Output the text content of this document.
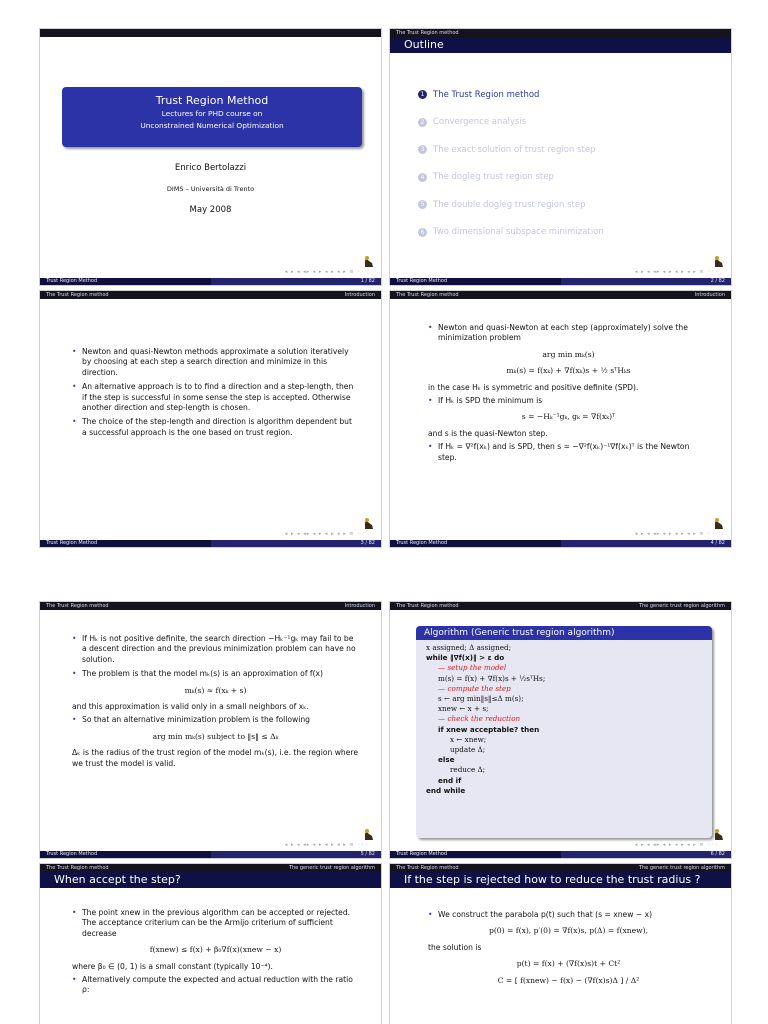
Trust Region Method
Lectures for PHD course on
Unconstrained Numerical Optimization
Enrico Bertolazzi
DIMS – Università di Trento
May 2008
◂ ▸ ◂ ◂▸ ◂ ▸ ◂ ▸ ◂ ▸ ≡ ◦◦◦
Trust Region Method	1 / 82
The Trust Region method
Outline
1	The Trust Region method
2	Convergence analysis
3	The exact solution of trust region step
4	The dogleg trust region step
5	The double dogleg trust region step
6	Two dimensional subspace minimization
◂ ▸ ◂ ◂▸ ◂ ▸ ◂ ▸ ◂ ▸ ≡ ◦◦◦
Trust Region Method	2 / 82
The Trust Region method	Introduction
• Newton and quasi-Newton methods approximate a solution iteratively by choosing at each step a search direction and minimize in this direction.
• An alternative approach is to to find a direction and a step-length, then if the step is successful in some sense the step is accepted. Otherwise another direction and step-length is chosen.
• The choice of the step-length and direction is algorithm dependent but a successful approach is the one based on trust region.
◂ ▸ ◂ ◂▸ ◂ ▸ ◂ ▸ ◂ ▸ ≡ ◦◦◦
Trust Region Method	3 / 82
The Trust Region method	Introduction
• Newton and quasi-Newton at each step (approximately) solve the minimization problem
arg min mₖ(s)
mₖ(s) = f(xₖ) + ∇f(xₖ)s + ½ sᵀHₖs
in the case Hₖ is symmetric and positive definite (SPD).
• If Hₖ is SPD the minimum is
s = −Hₖ⁻¹gₖ, gₖ = ∇f(xₖ)ᵀ
and s is the quasi-Newton step.
• If Hₖ = ∇²f(xₖ) and is SPD, then s = −∇²f(xₖ)⁻¹∇f(xₖ)ᵀ is the Newton step.
◂ ▸ ◂ ◂▸ ◂ ▸ ◂ ▸ ◂ ▸ ≡ ◦◦◦
Trust Region Method	4 / 82
The Trust Region method	Introduction
• If Hₖ is not positive definite, the search direction −Hₖ⁻¹gₖ may fail to be a descent direction and the previous minimization problem can have no solution.
• The problem is that the model mₖ(s) is an approximation of f(x)
mₖ(s) ≈ f(xₖ + s)
and this approximation is valid only in a small neighbors of xₖ.
• So that an alternative minimization problem is the following
arg min mₖ(s) subject to ‖s‖ ≤ Δₖ
Δₖ is the radius of the trust region of the model mₖ(s), i.e. the region where we trust the model is valid.
◂ ▸ ◂ ◂▸ ◂ ▸ ◂ ▸ ◂ ▸ ≡ ◦◦◦
Trust Region Method	5 / 82
The Trust Region method	The generic trust region algorithm
Algorithm (Generic trust region algorithm)
x assigned; Δ assigned;
while ‖∇f(x)‖ > ε do
— setup the model
m(s) = f(x) + ∇f(x)s + ½sᵀHs;
— compute the step
s ← arg min‖s‖≤Δ m(s);
xnew ← x + s;
— check the reduction
if xnew acceptable? then
x ← xnew;
update Δ;
else
reduce Δ;
end if
end while
◂ ▸ ◂ ◂▸ ◂ ▸ ◂ ▸ ◂ ▸ ≡ ◦◦◦
Trust Region Method	6 / 82
The Trust Region method	The generic trust region algorithm
When accept the step?
• The point xnew in the previous algorithm can be accepted or rejected. The acceptance criterium can be the Armijo criterium of sufficient decrease
f(xnew) ≤ f(x) + β₀∇f(x)(xnew − x)
where β₀ ∈ (0, 1) is a small constant (typically 10⁻⁴).
• Alternatively compute the expected and actual reduction with the ratio ρ:
The Trust Region method	The generic trust region algorithm
If the step is rejected how to reduce the trust radius ?
• We construct the parabola p(t) such that (s = xnew − x)
p(0) = f(x), p′(0) = ∇f(x)s, p(Δ) = f(xnew),
the solution is
p(t) = f(x) + (∇f(x)s)t + Ct²
C = [ f(xnew) − f(x) − (∇f(x)s)Δ ] / Δ²
